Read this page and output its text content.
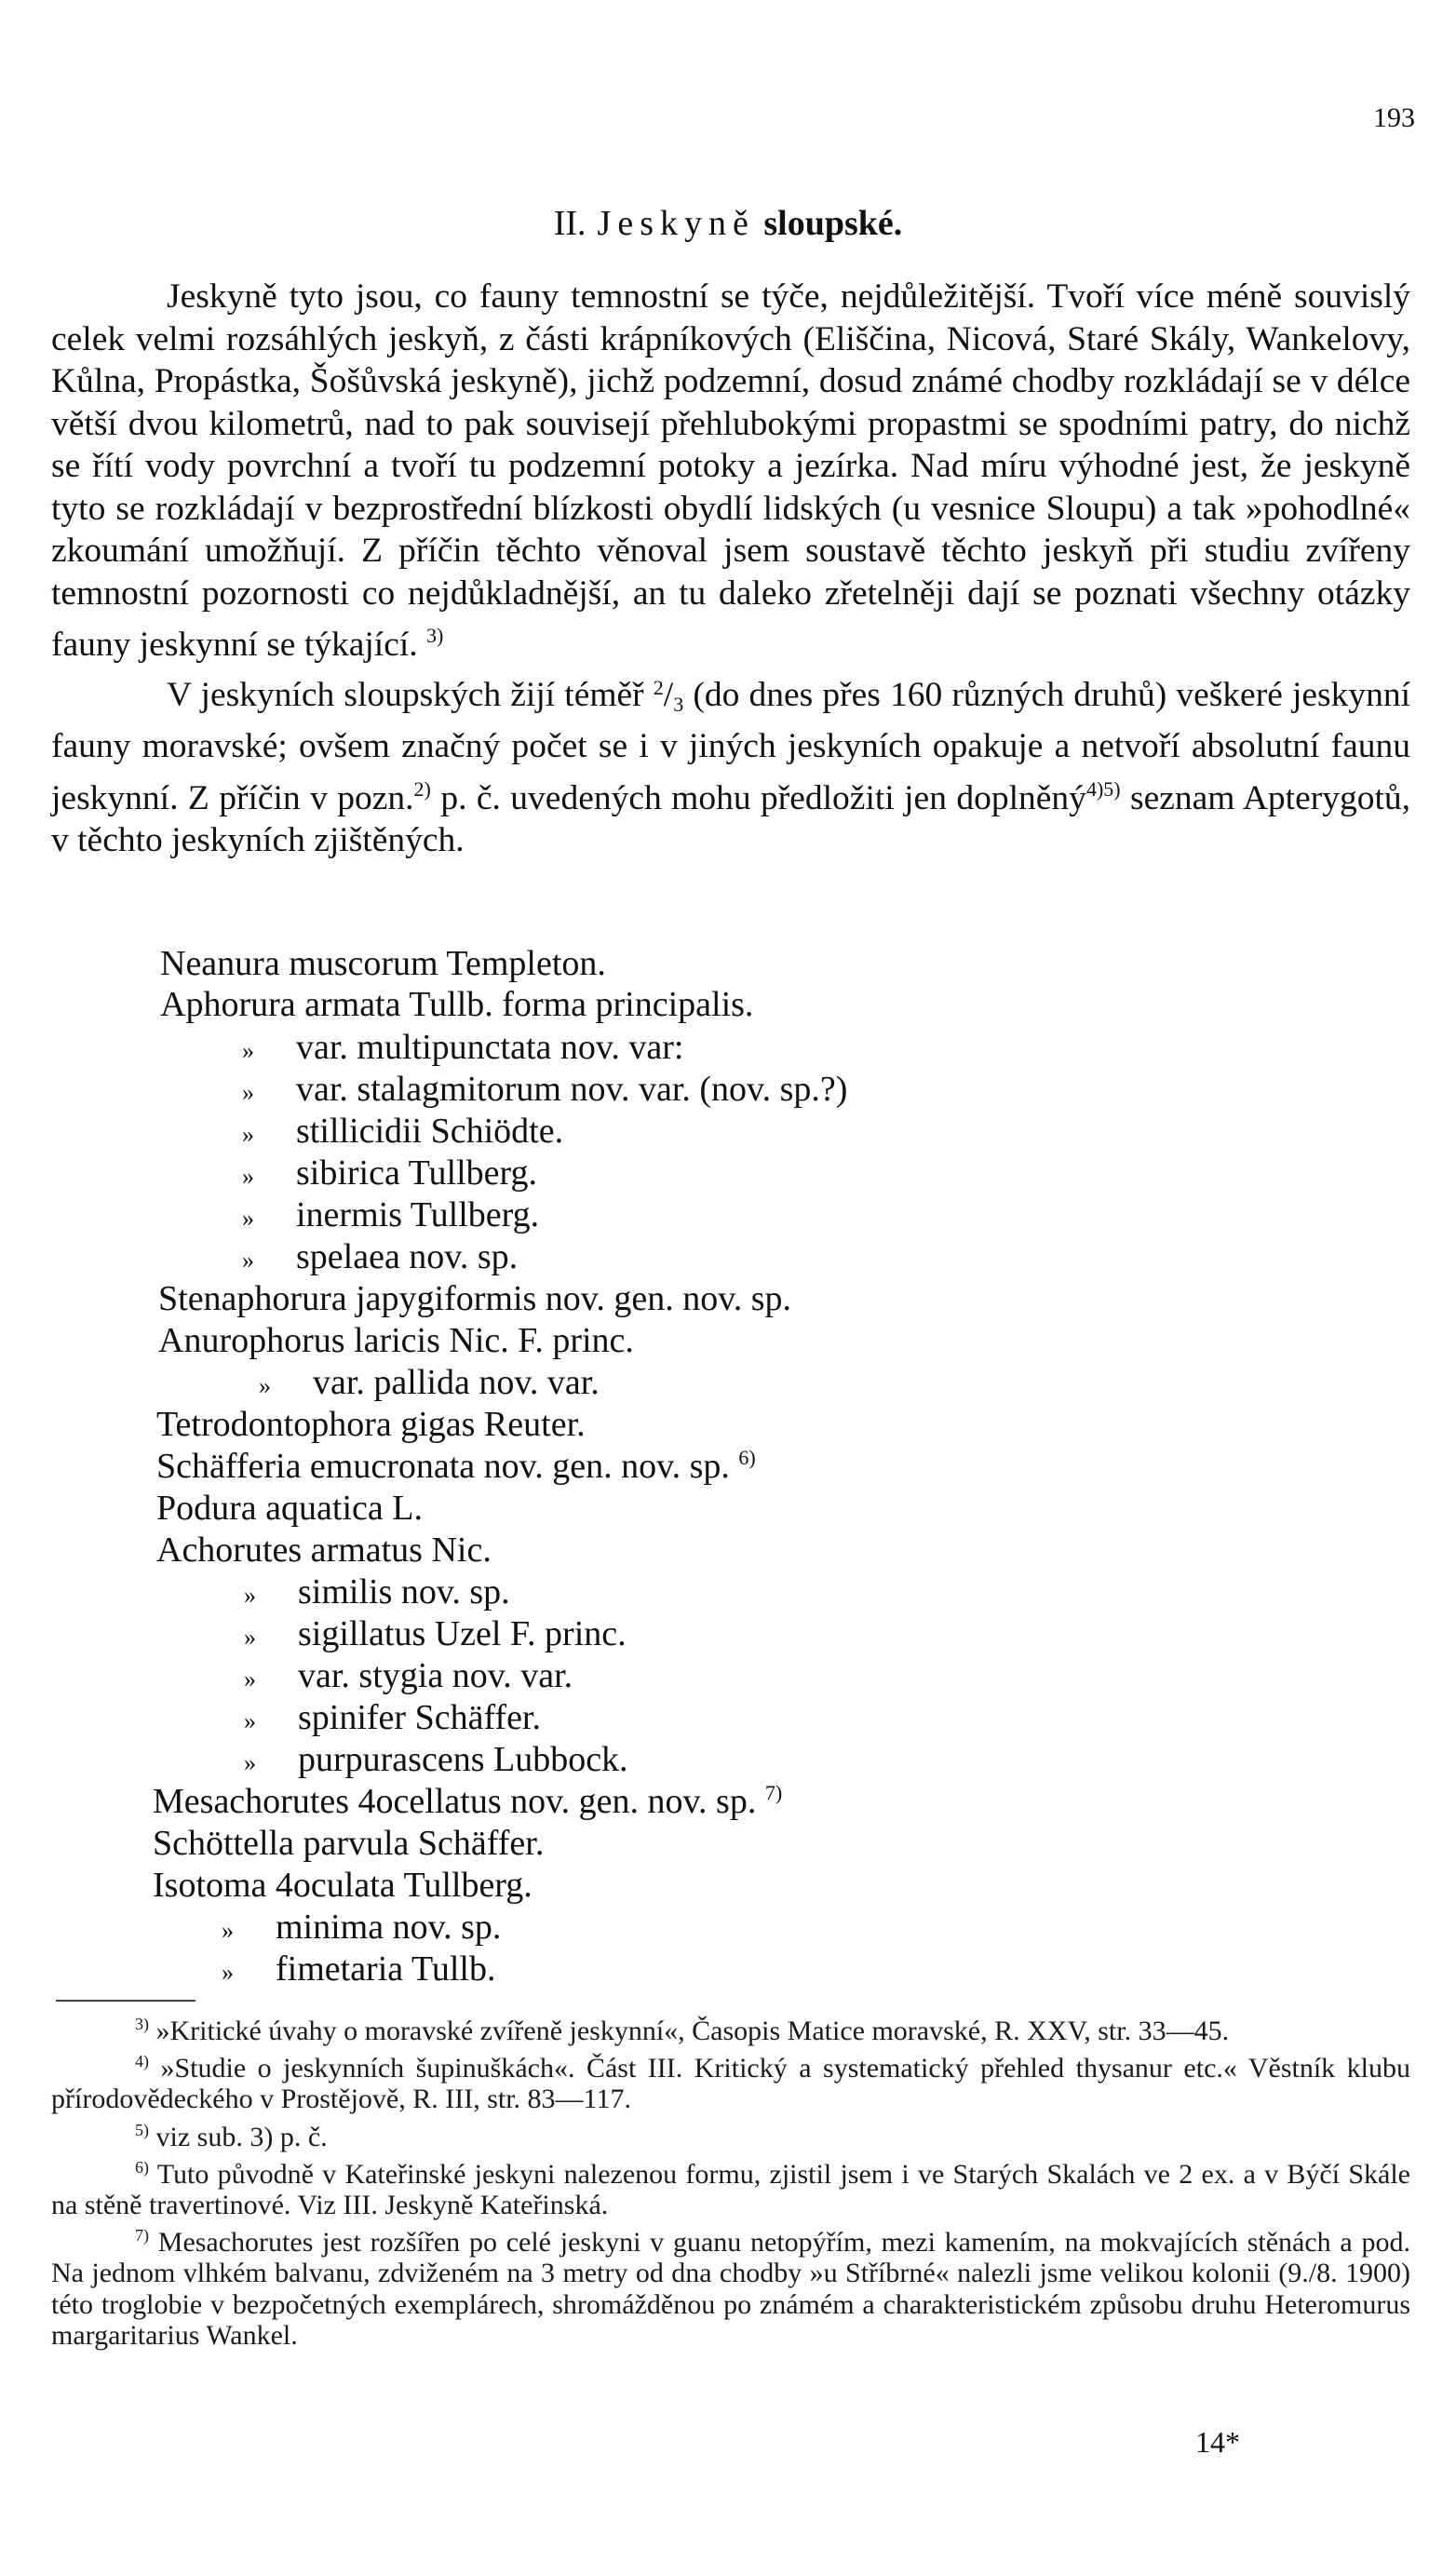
193
II. Jeskyně sloupské.

Jeskyně tyto jsou, co fauny temnostní se týče, nejdůležitější. Tvoří více méně souvislý celek velmi rozsáhlých jeskyň, z části krápníkových (Eliščina, Nicová, Staré Skály, Wankelovy, Kůlna, Propástka, Šošůvská jeskyně), jichž podzemní, dosud známé chodby rozkládají se v délce větší dvou kilometrů, nad to pak souvisejí přehlubokými propastmi se spodními patry, do nichž se řítí vody povrchní a tvoří tu podzemní potoky a jezírka. Nad míru výhodné jest, že jeskyně tyto se rozkládají v bezprostřední blízkosti obydlí lidských (u vesnice Sloupu) a tak »pohodlné« zkoumání umožňují. Z příčin těchto věnoval jsem soustavě těchto jeskyň při studiu zvířeny temnostní pozornosti co nejdůkladnější, an tu daleko zřetelněji dají se poznati všechny otázky fauny jeskynní se týkající. $^{3)}$

V jeskyních sloupských žijí téměř $^2/_3$ (do dnes přes 160 různých druhů) veškeré jeskynní fauny moravské; ovšem značný počet se i v jiných jeskyních opakuje a netvoří absolutní faunu jeskynní. Z příčin v pozn.$^{2)}$ p. č. uvedených mohu předložiti jen doplněný$^{4)5)}$ seznam Apterygotů, v těchto jeskyních zjištěných.

Neanura muscorum Templeton.
Aphorura armata Tullb. forma principalis.
» var. multipunctata nov. var:
» var. stalagmitorum nov. var. (nov. sp.?)
» stillicidii Schiödte.
» sibirica Tullberg.
» inermis Tullberg.
» spelaea nov. sp.
Stenaphorura japygiformis nov. gen. nov. sp.
Anurophorus laricis Nic. F. princ.
» var. pallida nov. var.
Tetrodontophora gigas Reuter.
Schäfferia emucronata nov. gen. nov. sp. $^{6)}$
Podura aquatica L.
Achorutes armatus Nic.
» similis nov. sp.
» sigillatus Uzel F. princ.
» var. stygia nov. var.
» spinifer Schäffer.
» purpurascens Lubbock.
Mesachorutes 4ocellatus nov. gen. nov. sp. $^{7)}$
Schöttella parvula Schäffer.
Isotoma 4oculata Tullberg.
» minima nov. sp.
» fimetaria Tullb.

$^{3)}$ »Kritické úvahy o moravské zvířeně jeskynní«, Časopis Matice moravské, R. XXV, str. 33—45.

$^{4)}$ »Studie o jeskynních šupinuškách«. Část III. Kritický a systematický přehled thysanur etc.« Věstník klubu přírodovědeckého v Prostějově, R. III, str. 83—117.

$^{5)}$ viz sub. 3) p. č.

$^{6)}$ Tuto původně v Kateřinské jeskyni nalezenou formu, zjistil jsem i ve Starých Skalách ve 2 ex. a v Býčí Skále na stěně travertinové. Viz III. Jeskyně Kateřinská.

$^{7)}$ Mesachorutes jest rozšířen po celé jeskyni v guanu netopýřím, mezi kamením, na mokvajících stěnách a pod. Na jednom vlhkém balvanu, zdviženém na 3 metry od dna chodby »u Stříbrné« nalezli jsme velikou kolonii (9./8. 1900) této troglobie v bezpočetných exemplárech, shromážděnou po známém a charakteristickém způsobu druhu Heteromurus margaritarius Wankel.

14*
